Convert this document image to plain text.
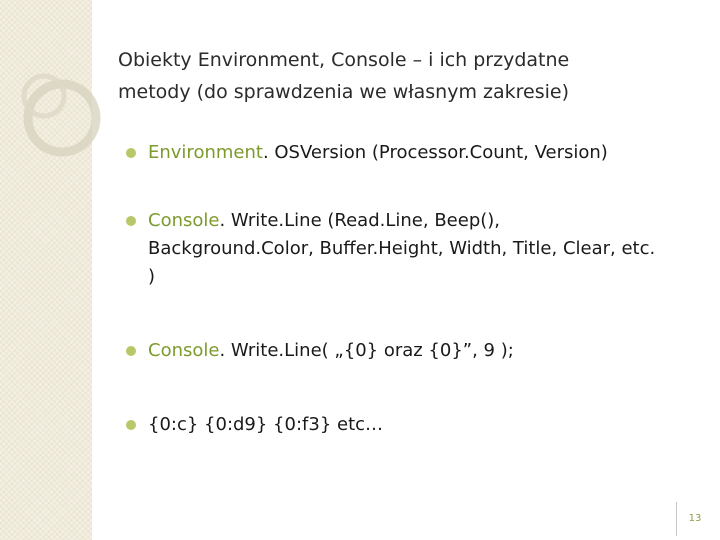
Obiekty Environment, Console – i ich przydatne
metody (do sprawdzenia we własnym zakresie)
Environment. OSVersion (Processor.Count, Version)
Console. Write.Line (Read.Line, Beep(),
Background.Color, Buffer.Height, Width, Title, Clear, etc.
)
Console. Write.Line( „{0} oraz {0}”, 9 );
{0:c} {0:d9} {0:f3} etc…
13
